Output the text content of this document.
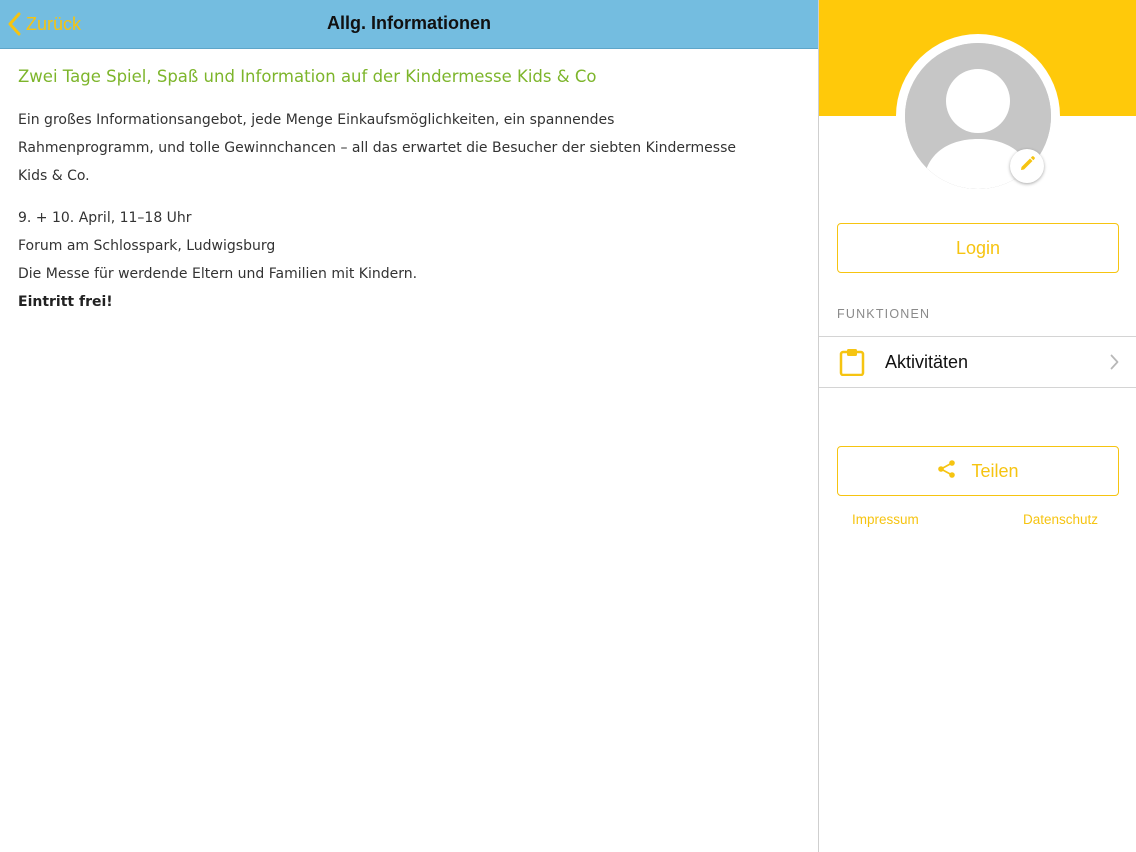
Zurück	Allg. Informationen
Zwei Tage Spiel, Spaß und Information auf der Kindermesse Kids & Co
Ein großes Informationsangebot, jede Menge Einkaufsmöglichkeiten, ein spannendes
Rahmenprogramm, und tolle Gewinnchancen – all das erwartet die Besucher der siebten Kindermesse
Kids & Co.
9. + 10. April, 11–18 Uhr
Forum am Schlosspark, Ludwigsburg
Die Messe für werdende Eltern und Familien mit Kindern.
Eintritt frei!
Login
FUNKTIONEN
Aktivitäten
Teilen
Impressum	Datenschutz
